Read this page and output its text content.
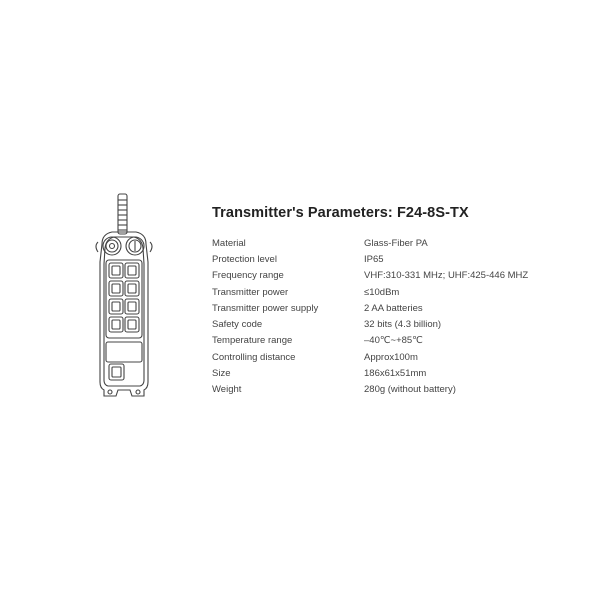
Transmitter's Parameters: F24-8S-TX
Material	Glass-Fiber PA
Protection level	IP65
Frequency range	VHF:310-331 MHz; UHF:425-446 MHZ
Transmitter power	≤10dBm
Transmitter power supply	2 AA batteries
Safety code	32 bits (4.3 billion)
Temperature range	–40℃~+85℃
Controlling distance	Approx100m
Size	186x61x51mm
Weight	280g (without battery)
